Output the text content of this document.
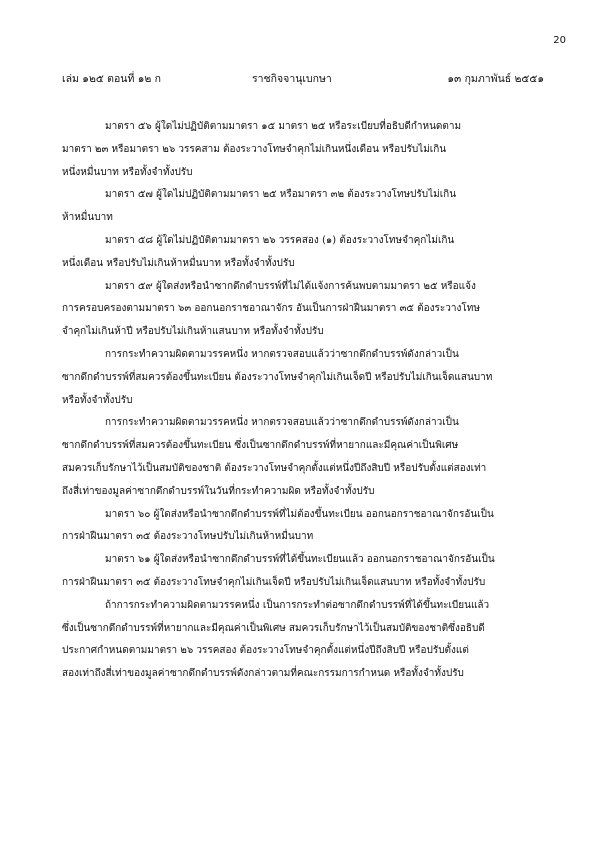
20
เล่ม ๑๒๕ ตอนที่ ๑๒ ก	ราชกิจจานุเบกษา	๑๓ กุมภาพันธ์ ๒๕๕๑
มาตรา ๕๖ ผู้ใดไม่ปฏิบัติตามมาตรา ๑๕ มาตรา ๒๕ หรือระเบียบที่อธิบดีกำหนดตาม
มาตรา ๒๓ หรือมาตรา ๒๖ วรรคสาม ต้องระวางโทษจำคุกไม่เกินหนึ่งเดือน หรือปรับไม่เกิน
หนึ่งหมื่นบาท หรือทั้งจำทั้งปรับ
มาตรา ๕๗ ผู้ใดไม่ปฏิบัติตามมาตรา ๒๕ หรือมาตรา ๓๒ ต้องระวางโทษปรับไม่เกิน
ห้าหมื่นบาท
มาตรา ๕๘ ผู้ใดไม่ปฏิบัติตามมาตรา ๒๖ วรรคสอง (๑) ต้องระวางโทษจำคุกไม่เกิน
หนึ่งเดือน หรือปรับไม่เกินห้าหมื่นบาท หรือทั้งจำทั้งปรับ
มาตรา ๕๙ ผู้ใดส่งหรือนำซากดึกดำบรรพ์ที่ไม่ได้แจ้งการค้นพบตามมาตรา ๒๕ หรือแจ้ง
การครอบครองตามมาตรา ๖๓ ออกนอกราชอาณาจักร อันเป็นการฝ่าฝืนมาตรา ๓๕ ต้องระวางโทษ
จำคุกไม่เกินห้าปี หรือปรับไม่เกินห้าแสนบาท หรือทั้งจำทั้งปรับ
การกระทำความผิดตามวรรคหนึ่ง หากตรวจสอบแล้วว่าซากดึกดำบรรพ์ดังกล่าวเป็น
ซากดึกดำบรรพ์ที่สมควรต้องขึ้นทะเบียน ต้องระวางโทษจำคุกไม่เกินเจ็ดปี หรือปรับไม่เกินเจ็ดแสนบาท
หรือทั้งจำทั้งปรับ
การกระทำความผิดตามวรรคหนึ่ง หากตรวจสอบแล้วว่าซากดึกดำบรรพ์ดังกล่าวเป็น
ซากดึกดำบรรพ์ที่สมควรต้องขึ้นทะเบียน ซึ่งเป็นซากดึกดำบรรพ์ที่หายากและมีคุณค่าเป็นพิเศษ
สมควรเก็บรักษาไว้เป็นสมบัติของชาติ ต้องระวางโทษจำคุกตั้งแต่หนึ่งปีถึงสิบปี หรือปรับตั้งแต่สองเท่า
ถึงสี่เท่าของมูลค่าซากดึกดำบรรพ์ในวันที่กระทำความผิด หรือทั้งจำทั้งปรับ
มาตรา ๖๐ ผู้ใดส่งหรือนำซากดึกดำบรรพ์ที่ไม่ต้องขึ้นทะเบียน ออกนอกราชอาณาจักรอันเป็น
การฝ่าฝืนมาตรา ๓๕ ต้องระวางโทษปรับไม่เกินห้าหมื่นบาท
มาตรา ๖๑ ผู้ใดส่งหรือนำซากดึกดำบรรพ์ที่ได้ขึ้นทะเบียนแล้ว ออกนอกราชอาณาจักรอันเป็น
การฝ่าฝืนมาตรา ๓๕ ต้องระวางโทษจำคุกไม่เกินเจ็ดปี หรือปรับไม่เกินเจ็ดแสนบาท หรือทั้งจำทั้งปรับ
ถ้าการกระทำความผิดตามวรรคหนึ่ง เป็นการกระทำต่อซากดึกดำบรรพ์ที่ได้ขึ้นทะเบียนแล้ว
ซึ่งเป็นซากดึกดำบรรพ์ที่หายากและมีคุณค่าเป็นพิเศษ สมควรเก็บรักษาไว้เป็นสมบัติของชาติซึ่งอธิบดี
ประกาศกำหนดตามมาตรา ๒๖ วรรคสอง ต้องระวางโทษจำคุกตั้งแต่หนึ่งปีถึงสิบปี หรือปรับตั้งแต่
สองเท่าถึงสี่เท่าของมูลค่าซากดึกดำบรรพ์ดังกล่าวตามที่คณะกรรมการกำหนด หรือทั้งจำทั้งปรับ
